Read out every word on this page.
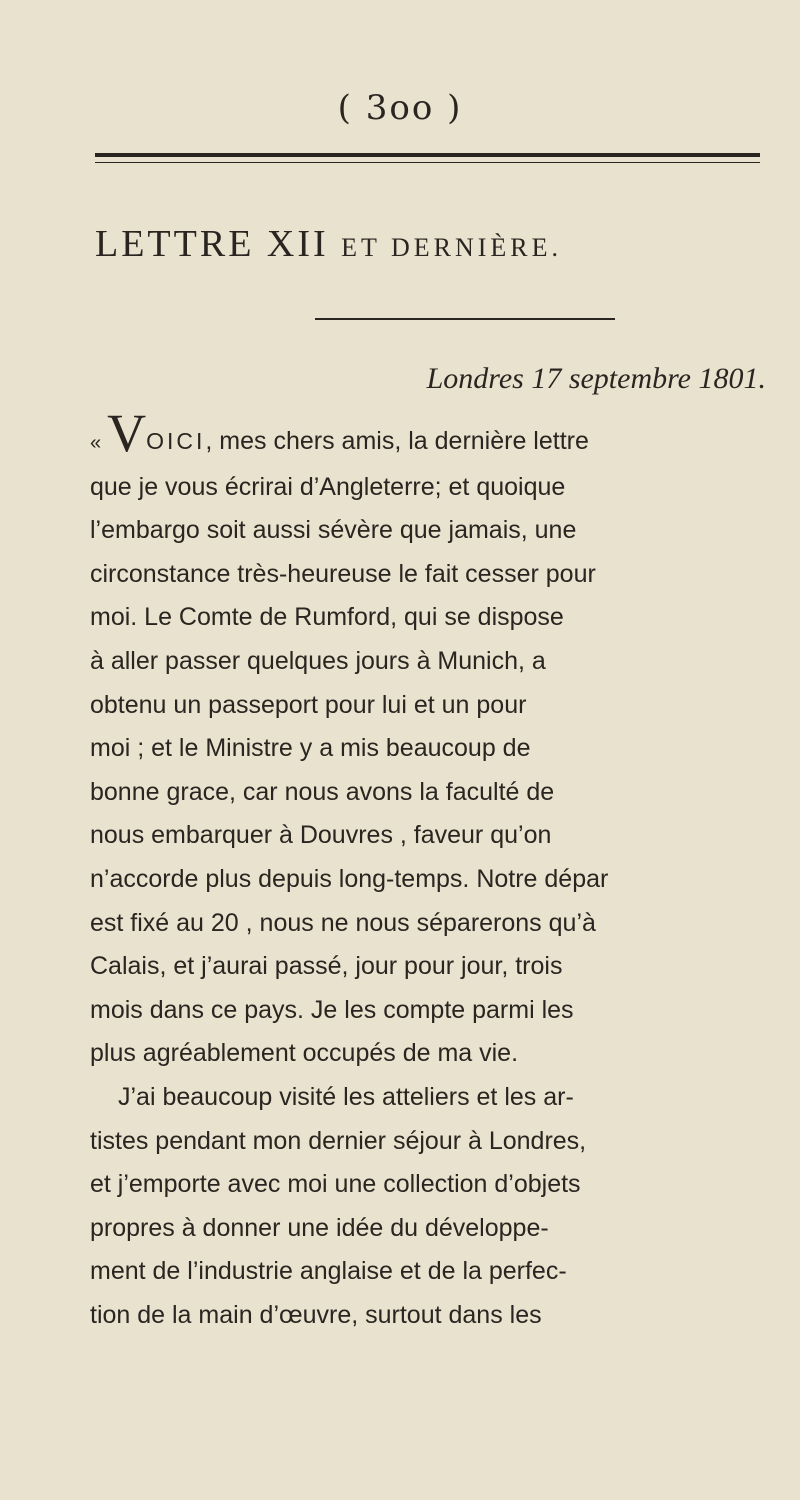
( 3oo )
LETTRE XII ET DERNIÈRE.
Londres 17 septembre 1801.
« VOICI, mes chers amis, la dernière lettre
que je vous écrirai d’Angleterre; et quoique
l’embargo soit aussi sévère que jamais, une
circonstance très-heureuse le fait cesser pour
moi. Le Comte de Rumford, qui se dispose
à aller passer quelques jours à Munich, a
obtenu un passeport pour lui et un pour
moi ; et le Ministre y a mis beaucoup de
bonne grace, car nous avons la faculté de
nous embarquer à Douvres , faveur qu’on
n’accorde plus depuis long-temps. Notre dépar
est fixé au 20 , nous ne nous séparerons qu’à
Calais, et j’aurai passé, jour pour jour, trois
mois dans ce pays. Je les compte parmi les
plus agréablement occupés de ma vie.
J’ai beaucoup visité les atteliers et les ar-
tistes pendant mon dernier séjour à Londres,
et j’emporte avec moi une collection d’objets
propres à donner une idée du développe-
ment de l’industrie anglaise et de la perfec-
tion de la main d’œuvre, surtout dans les
